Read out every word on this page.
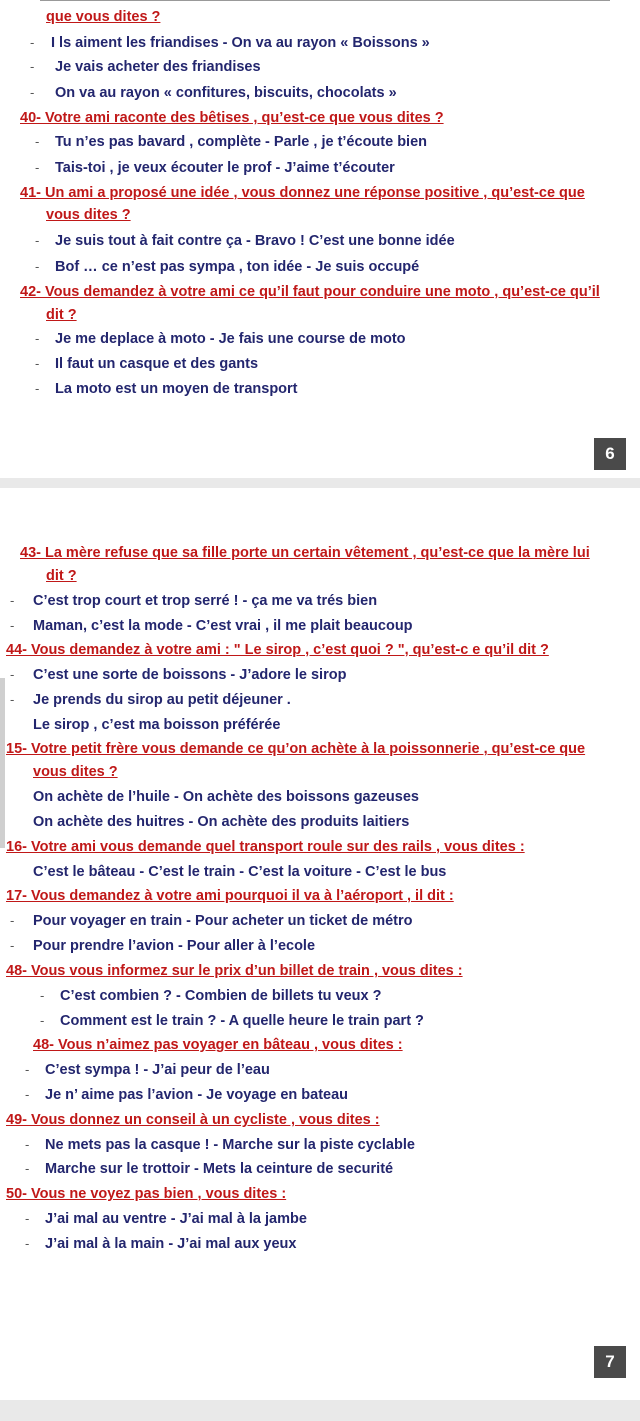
que vous dites ?
- I ls aiment les friandises - On va au rayon « Boissons »
- Je vais acheter des friandises
- On va au rayon « confitures, biscuits, chocolats »
40- Votre ami raconte des bêtises , qu’est-ce que vous dites ?
- Tu n’es pas bavard , complète - Parle , je t’écoute bien
- Tais-toi , je veux écouter le prof - J’aime t’écouter
41- Un ami a proposé une idée , vous donnez une réponse positive , qu’est-ce que
vous dites ?
- Je suis tout à fait contre ça - Bravo ! C’est une bonne idée
- Bof … ce n’est pas sympa , ton idée - Je suis occupé
42- Vous demandez à votre ami ce qu’il faut pour conduire une moto , qu’est-ce qu’il
dit ?
- Je me deplace à moto - Je fais une course de moto
- Il faut un casque et des gants
- La moto est un moyen de transport
6
43- La mère refuse que sa fille porte un certain vêtement , qu’est-ce que la mère lui
dit ?
- C’est trop court et trop serré ! - ça me va trés bien
- Maman, c’est la mode - C’est vrai , il me plait beaucoup
44- Vous demandez à votre ami : " Le sirop , c’est quoi ? ", qu’est-c e qu’il dit ?
- C’est une sorte de boissons - J’adore le sirop
- Je prends du sirop au petit déjeuner .
Le sirop , c’est ma boisson préférée
15- Votre petit frère vous demande ce qu’on achète à la poissonnerie , qu’est-ce que
vous dites ?
On achète de l’huile - On achète des boissons gazeuses
On achète des huitres - On achète des produits laitiers
16- Votre ami vous demande quel transport roule sur des rails , vous dites :
C’est le bâteau - C’est le train - C’est la voiture - C’est le bus
17- Vous demandez à votre ami pourquoi il va à l’aéroport , il dit :
- Pour voyager en train - Pour acheter un ticket de métro
- Pour prendre l’avion - Pour aller à l’ecole
48- Vous vous informez sur le prix d’un billet de train , vous dites :
- C’est combien ? - Combien de billets tu veux ?
- Comment est le train ? - A quelle heure le train part ?
48- Vous n’aimez pas voyager en bâteau , vous dites :
- C’est sympa ! - J’ai peur de l’eau
- Je n’ aime pas l’avion - Je voyage en bateau
49- Vous donnez un conseil à un cycliste , vous dites :
- Ne mets pas la casque ! - Marche sur la piste cyclable
- Marche sur le trottoir - Mets la ceinture de securité
50- Vous ne voyez pas bien , vous dites :
- J’ai mal au ventre - J’ai mal à la jambe
- J’ai mal à la main - J’ai mal aux yeux
7
